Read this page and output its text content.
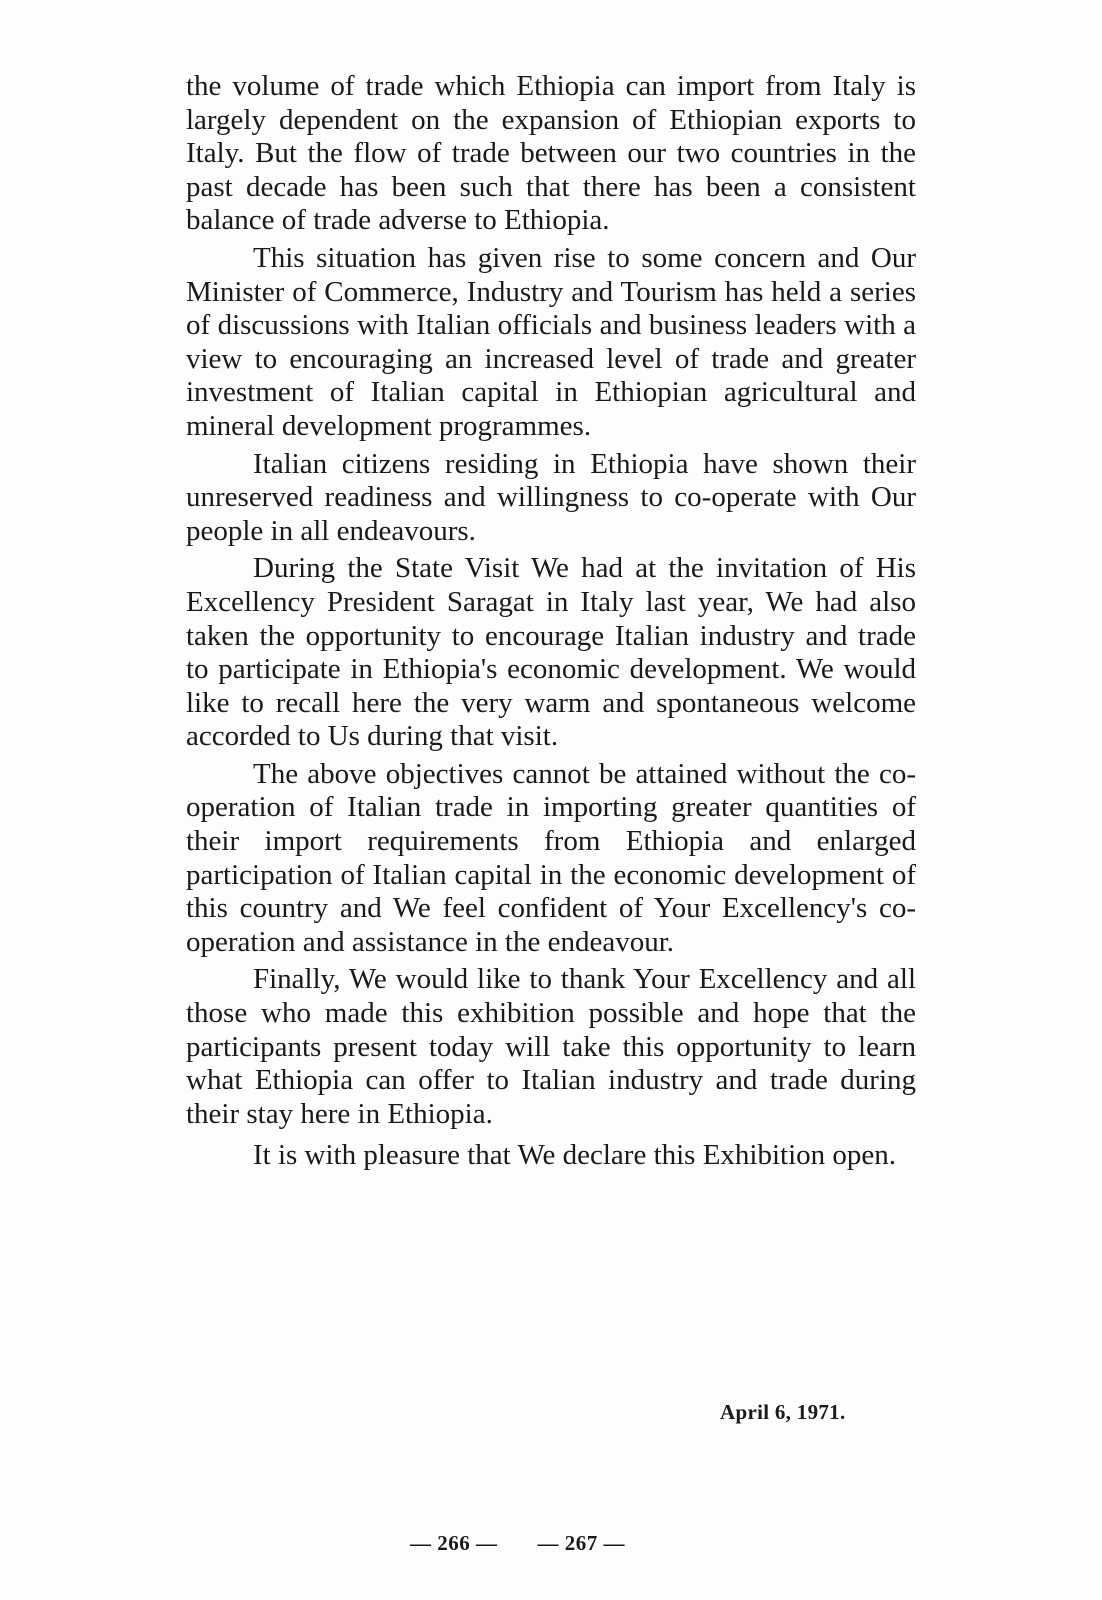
the volume of trade which Ethiopia can import from Italy is largely dependent on the expansion of Ethiopian exports to Italy. But the flow of trade between our two countries in the past decade has been such that there has been a consistent balance of trade adverse to Ethiopia.

This situation has given rise to some concern and Our Minister of Commerce, Industry and Tourism has held a series of discussions with Italian officials and business leaders with a view to encouraging an increased level of trade and greater investment of Italian capital in Ethiopian agricultural and mineral development programmes.

Italian citizens residing in Ethiopia have shown their unreserved readiness and willingness to co-operate with Our people in all endeavours.

During the State Visit We had at the invitation of His Excellency President Saragat in Italy last year, We had also taken the opportunity to encourage Italian industry and trade to participate in Ethiopia's economic development. We would like to recall here the very warm and spontaneous welcome accorded to Us during that visit.

The above objectives cannot be attained without the co-operation of Italian trade in importing greater quantities of their import requirements from Ethiopia and enlarged participation of Italian capital in the economic development of this country and We feel confident of Your Excellency's co-operation and assistance in the endeavour.

Finally, We would like to thank Your Excellency and all those who made this exhibition possible and hope that the participants present today will take this opportunity to learn what Ethiopia can offer to Italian industry and trade during their stay here in Ethiopia.

It is with pleasure that We declare this Exhibition open.

April 6, 1971.
— 266 — — 267 —
